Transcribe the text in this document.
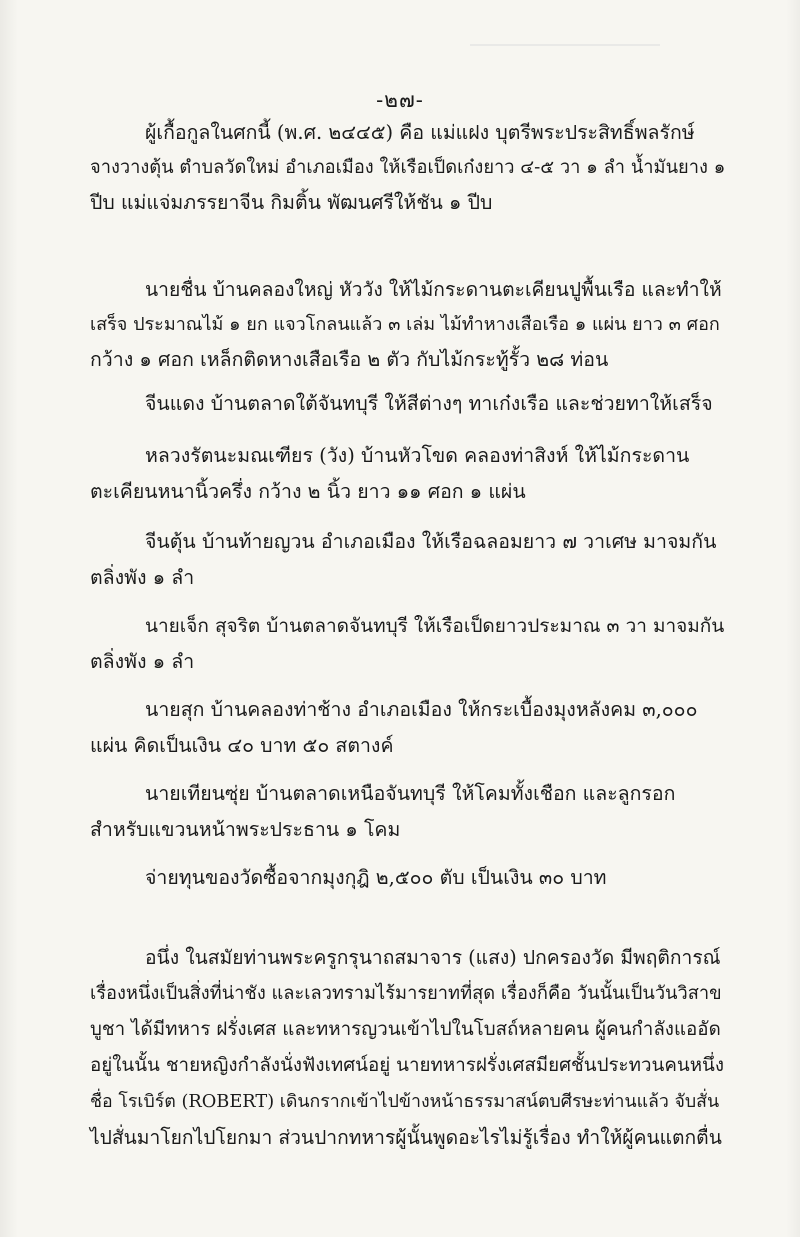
-๒๗-
ผู้เกื้อกูลในศกนี้ (พ.ศ. ๒๔๔๕) คือ แม่แฝง บุตรีพระประสิทธิ์พลรักษ์
จางวางตุ้น ตำบลวัดใหม่ อำเภอเมือง ให้เรือเป็ดเก๋งยาว ๔-๕ วา ๑ ลำ น้ำมันยาง ๑
ปีบ แม่แจ่มภรรยาจีน กิมติ้น พัฒนศรีให้ชัน ๑ ปีบ
นายชื่น บ้านคลองใหญ่ หัววัง ให้ไม้กระดานตะเคียนปูพื้นเรือ และทำให้
เสร็จ ประมาณไม้ ๑ ยก แจวโกลนแล้ว ๓ เล่ม ไม้ทำหางเสือเรือ ๑ แผ่น ยาว ๓ ศอก
กว้าง ๑ ศอก เหล็กติดหางเสือเรือ ๒ ตัว กับไม้กระทู้รั้ว ๒๘ ท่อน
จีนแดง บ้านตลาดใต้จันทบุรี ให้สีต่างๆ ทาเก๋งเรือ และช่วยทาให้เสร็จ
หลวงรัตนะมณเฑียร (วัง) บ้านหัวโขด คลองท่าสิงห์ ให้ไม้กระดาน
ตะเคียนหนานิ้วครึ่ง กว้าง ๒ นิ้ว ยาว ๑๑ ศอก ๑ แผ่น
จีนตุ้น บ้านท้ายญวน อำเภอเมือง ให้เรือฉลอมยาว ๗ วาเศษ มาจมกัน
ตลิ่งพัง ๑ ลำ
นายเจ็ก สุจริต บ้านตลาดจันทบุรี ให้เรือเป็ดยาวประมาณ ๓ วา มาจมกัน
ตลิ่งพัง ๑ ลำ
นายสุก บ้านคลองท่าช้าง อำเภอเมือง ให้กระเบื้องมุงหลังคม ๓,๐๐๐
แผ่น คิดเป็นเงิน ๔๐ บาท ๕๐ สตางค์
นายเทียนซุ่ย บ้านตลาดเหนือจันทบุรี ให้โคมทั้งเชือก และลูกรอก
สำหรับแขวนหน้าพระประธาน ๑ โคม
จ่ายทุนของวัดซื้อจากมุงกุฎิ ๒,๕๐๐ ตับ เป็นเงิน ๓๐ บาท
อนึ่ง ในสมัยท่านพระครูกรุนาถสมาจาร (แสง) ปกครองวัด มีพฤติการณ์
เรื่องหนึ่งเป็นสิ่งที่น่าชัง และเลวทรามไร้มารยาทที่สุด เรื่องก็คือ วันนั้นเป็นวันวิสาข
บูชา ได้มีทหาร ฝรั่งเศส และทหารญวนเข้าไปในโบสถ์หลายคน ผู้คนกำลังแออัด
อยู่ในนั้น ชายหญิงกำลังนั่งฟังเทศน์อยู่ นายทหารฝรั่งเศสมียศชั้นประทวนคนหนึ่ง
ชื่อ โรเบิร์ต (ROBERT) เดินกรากเข้าไปข้างหน้าธรรมาสน์ตบศีรษะท่านแล้ว จับสั่น
ไปสั่นมาโยกไปโยกมา ส่วนปากทหารผู้นั้นพูดอะไรไม่รู้เรื่อง ทำให้ผู้คนแตกตื่น
